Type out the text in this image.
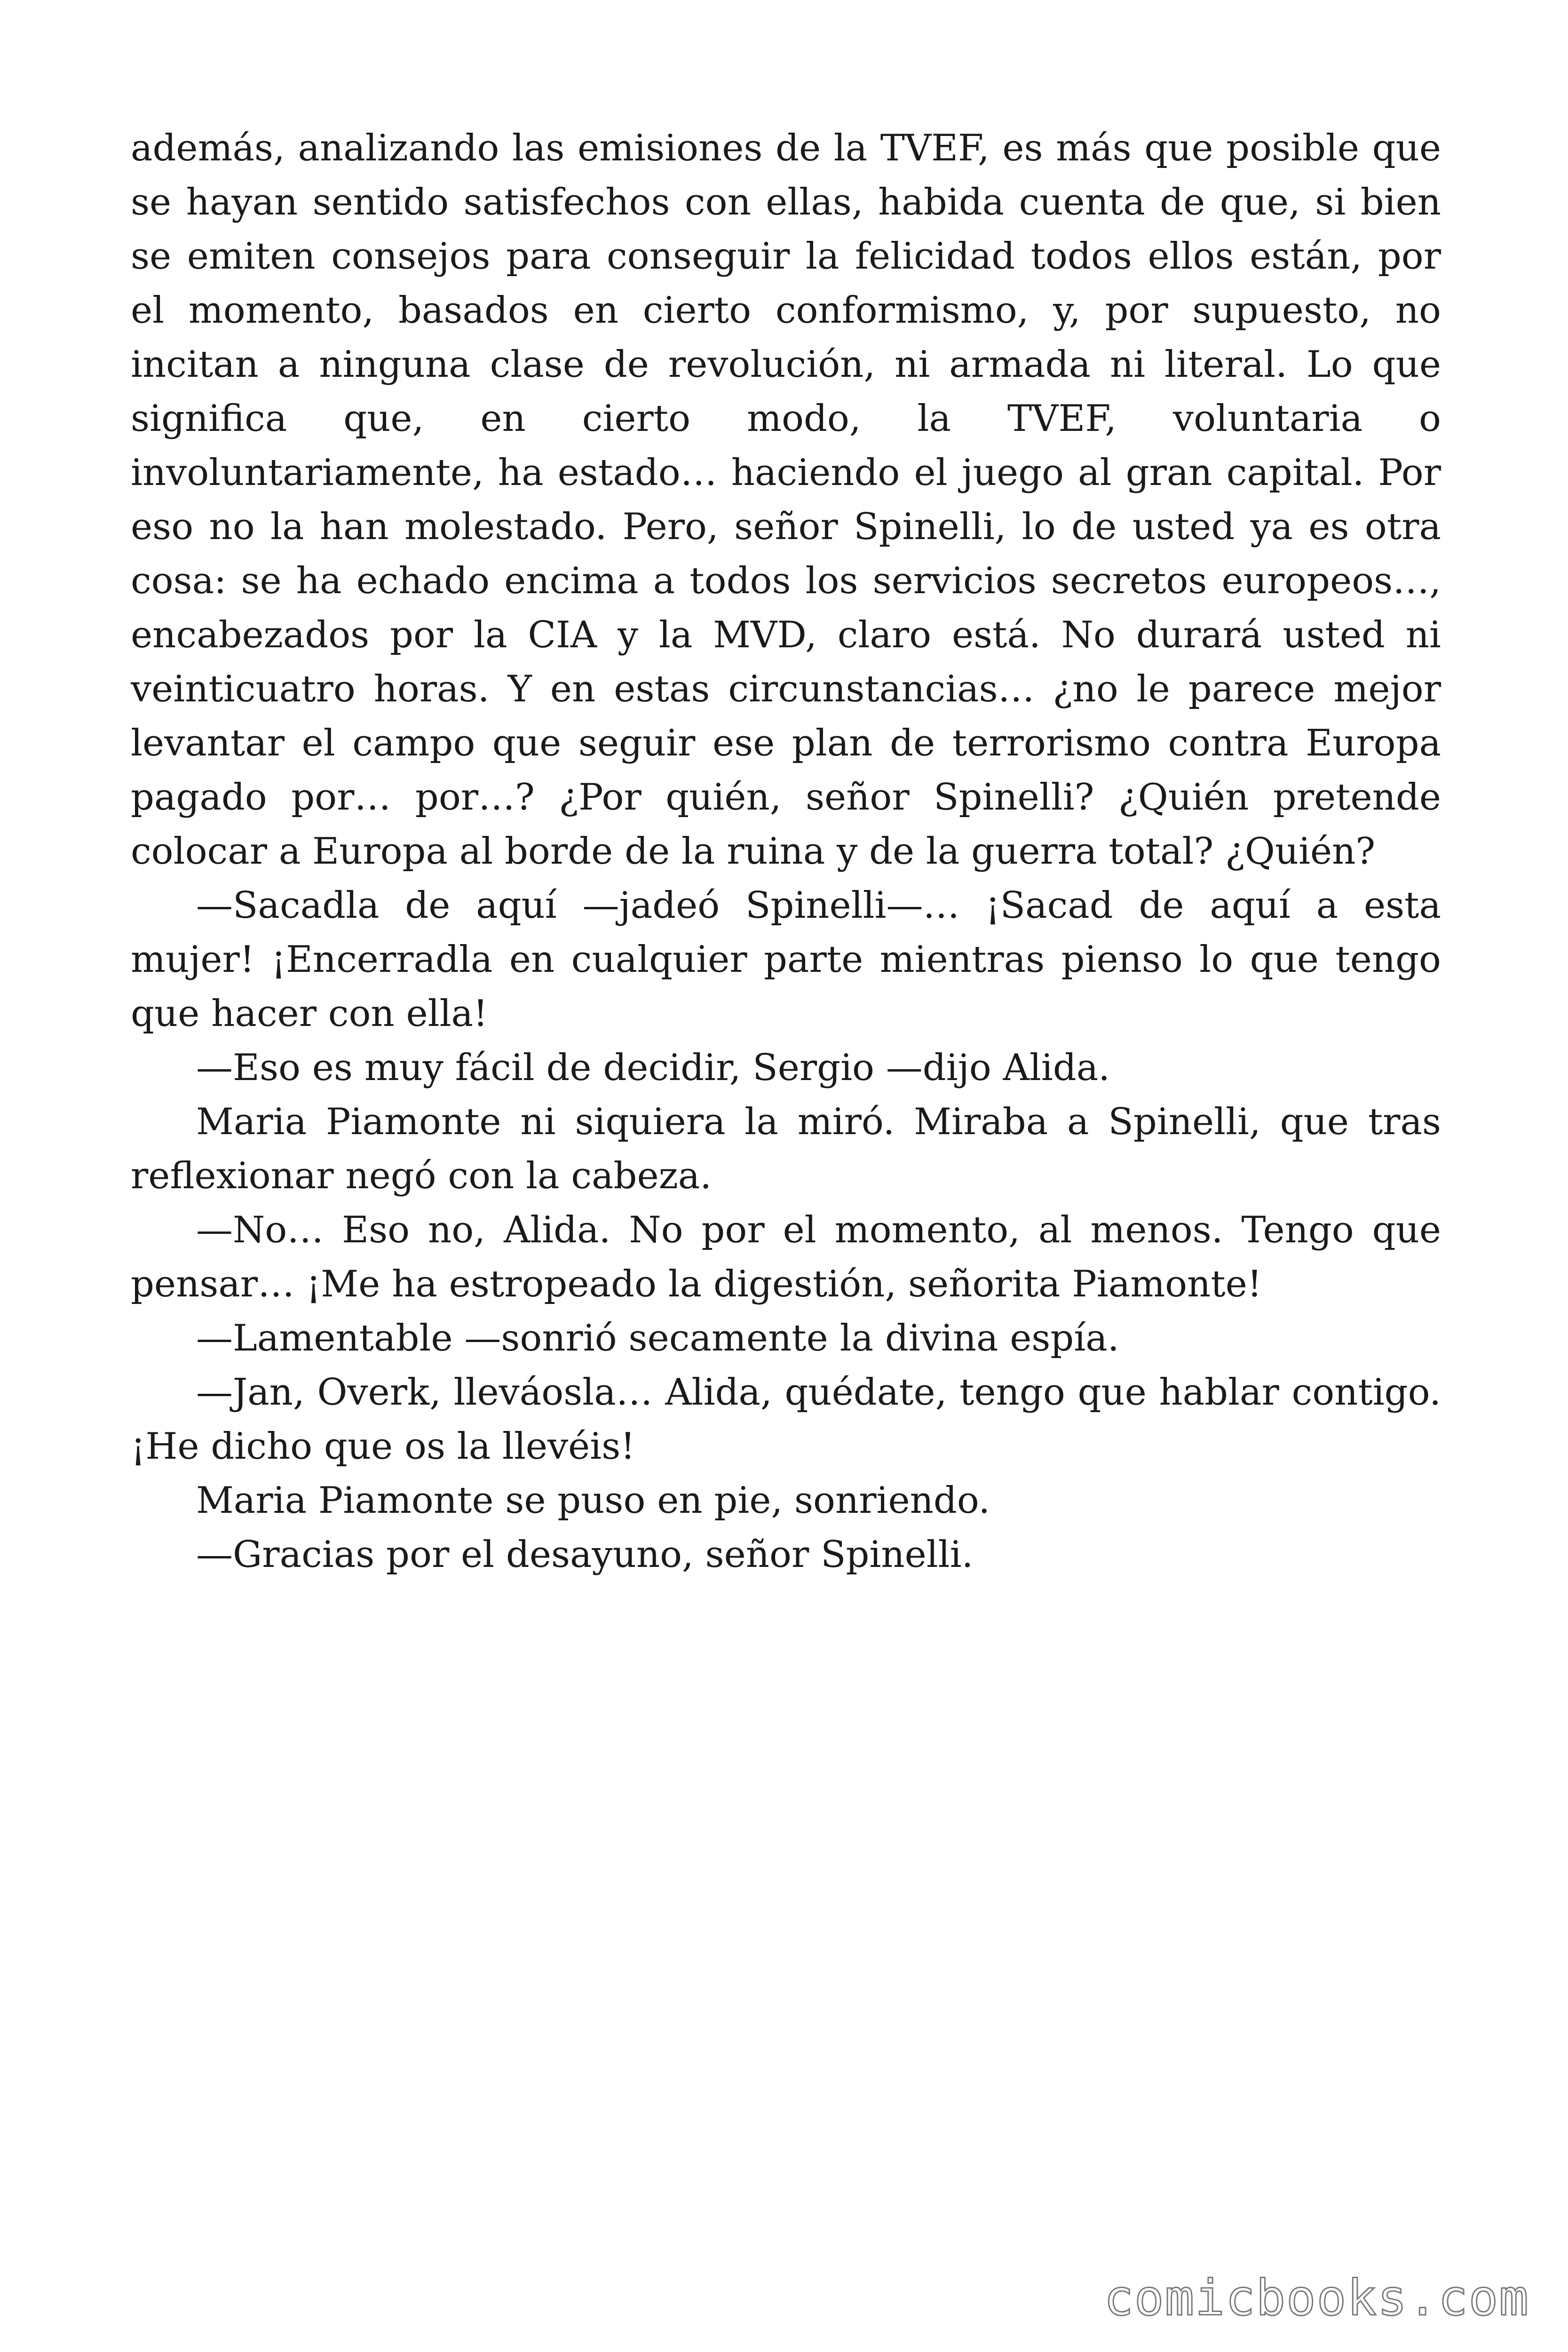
además, analizando las emisiones de la TVEF, es más que posible que se hayan sentido satisfechos con ellas, habida cuenta de que, si bien se emiten consejos para conseguir la felicidad todos ellos están, por el momento, basados en cierto conformismo, y, por supuesto, no incitan a ninguna clase de revolución, ni armada ni literal. Lo que significa que, en cierto modo, la TVEF, voluntaria o involuntariamente, ha estado… haciendo el juego al gran capital. Por eso no la han molestado. Pero, señor Spinelli, lo de usted ya es otra cosa: se ha echado encima a todos los servicios secretos europeos…, encabezados por la CIA y la MVD, claro está. No durará usted ni veinticuatro horas. Y en estas circunstancias… ¿no le parece mejor levantar el campo que seguir ese plan de terrorismo contra Europa pagado por… por…? ¿Por quién, señor Spinelli? ¿Quién pretende colocar a Europa al borde de la ruina y de la guerra total? ¿Quién?

—Sacadla de aquí —jadeó Spinelli—… ¡Sacad de aquí a esta mujer! ¡Encerradla en cualquier parte mientras pienso lo que tengo que hacer con ella!

—Eso es muy fácil de decidir, Sergio —dijo Alida.

Maria Piamonte ni siquiera la miró. Miraba a Spinelli, que tras reflexionar negó con la cabeza.

—No… Eso no, Alida. No por el momento, al menos. Tengo que pensar… ¡Me ha estropeado la digestión, señorita Piamonte!

—Lamentable —sonrió secamente la divina espía.

—Jan, Overk, lleváosla… Alida, quédate, tengo que hablar contigo. ¡He dicho que os la llevéis!

Maria Piamonte se puso en pie, sonriendo.

—Gracias por el desayuno, señor Spinelli.

comicbooks.com
